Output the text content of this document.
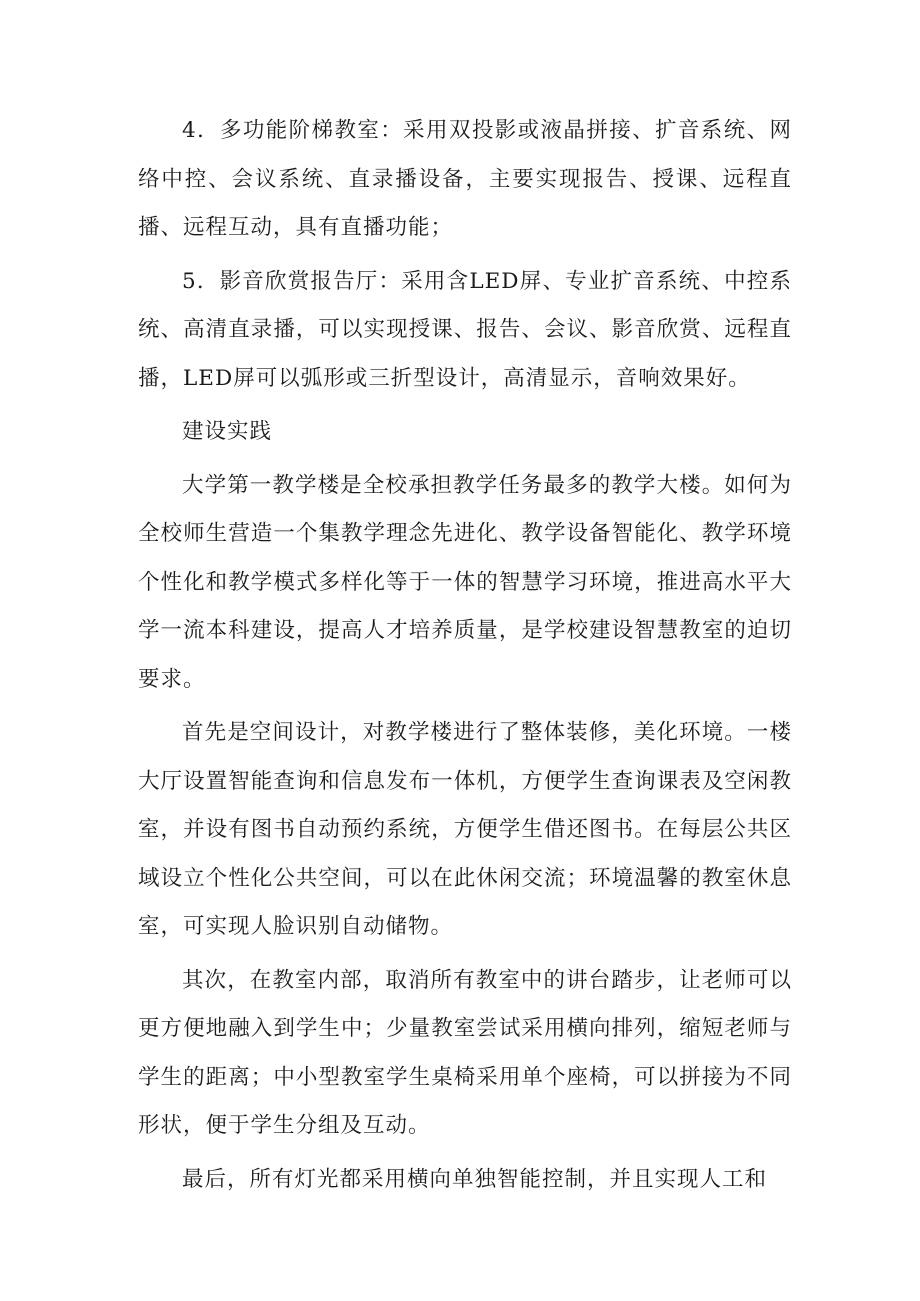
4．多功能阶梯教室：采用双投影或液晶拼接、扩音系统、网络中控、会议系统、直录播设备，主要实现报告、授课、远程直播、远程互动，具有直播功能；

5．影音欣赏报告厅：采用含LED屏、专业扩音系统、中控系统、高清直录播，可以实现授课、报告、会议、影音欣赏、远程直播，LED屏可以弧形或三折型设计，高清显示，音响效果好。

建设实践

大学第一教学楼是全校承担教学任务最多的教学大楼。如何为全校师生营造一个集教学理念先进化、教学设备智能化、教学环境个性化和教学模式多样化等于一体的智慧学习环境，推进高水平大学一流本科建设，提高人才培养质量，是学校建设智慧教室的迫切要求。

首先是空间设计，对教学楼进行了整体装修，美化环境。一楼大厅设置智能查询和信息发布一体机，方便学生查询课表及空闲教室，并设有图书自动预约系统，方便学生借还图书。在每层公共区域设立个性化公共空间，可以在此休闲交流；环境温馨的教室休息室，可实现人脸识别自动储物。

其次，在教室内部，取消所有教室中的讲台踏步，让老师可以更方便地融入到学生中；少量教室尝试采用横向排列，缩短老师与学生的距离；中小型教室学生桌椅采用单个座椅，可以拼接为不同形状，便于学生分组及互动。

最后，所有灯光都采用横向单独智能控制，并且实现人工和
